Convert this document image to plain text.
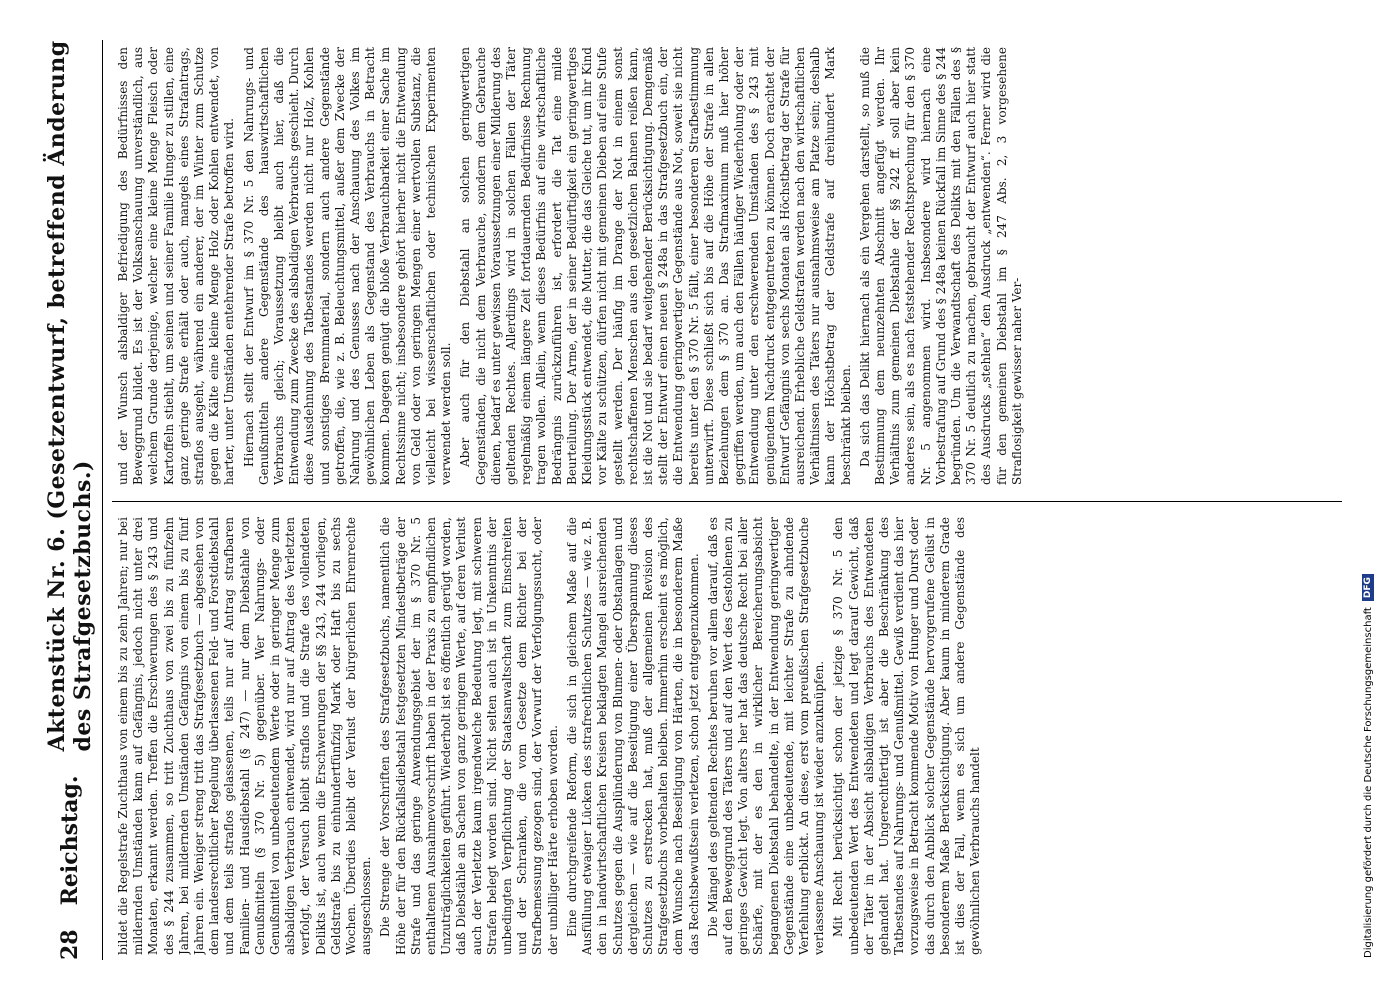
28
Reichstag.
Aktenstück Nr. 6. (Gesetzentwurf, betreffend Änderung des Strafgesetzbuchs.) bildet die Regelstrafe Zuchthaus von einem bis zu zehn Jahren; nur bei mildernden Umständen kann auf Gefängnis, jedoch nicht unter drei Monaten, erkannt werden. Treffen die Erschwerungen des § 243 und des § 244 zusammen, so tritt Zuchthaus von zwei bis zu fünfzehn Jahren, bei mildernden Umständen Gefängnis von einem bis zu fünf Jahren ein. Weniger streng tritt das Strafgesetzbuch — abgesehen von dem landesrechtlicher Regelung überlassenen Feld- und Forstdiebstahl und dem teils straflos gelassenen, teils nur auf Antrag strafbaren Familien- und Hausdiebstahl (§ 247) — nur dem Diebstahle von Genußmitteln (§ 370 Nr. 5) gegenüber. Wer Nahrungs- oder Genußmittel von unbedeutendem Werte oder in geringer Menge zum alsbaldigen Verbrauch entwendet, wird nur auf Antrag des Verletzten verfolgt, der Versuch bleibt straflos und die Strafe des vollendeten Delikts ist, auch wenn die Erschwerungen der §§ 243, 244 vorliegen, Geldstrafe bis zu einhundertfünfzig Mark oder Haft bis zu sechs Wochen. Überdies bleibt der Verlust der bürgerlichen Ehrenrechte ausgeschlossen. Die Strenge der Vorschriften des Strafgesetzbuchs, namentlich die Höhe der für den Rückfallsdiebstahl festgesetzten Mindestbeträge der Strafe und das geringe Anwendungsgebiet der im § 370 Nr. 5 enthaltenen Ausnahmevorschrift haben in der Praxis zu empfindlichen Unzuträglichkeiten geführt. Wiederholt ist es öffentlich gerügt worden, daß Diebstähle an Sachen von ganz geringem Werte, auf deren Verlust auch der Verletzte kaum irgendwelche Bedeutung legt, mit schweren Strafen belegt worden sind. Nicht selten auch ist in Unkenntnis der unbedingten Verpflichtung der Staatsanwaltschaft zum Einschreiten und der Schranken, die vom Gesetze dem Richter bei der Strafbemessung gezogen sind, der Vorwurf der Verfolgungssucht, oder der unbilliger Härte erhoben worden. Eine durchgreifende Reform, die sich in gleichem Maße auf die Ausfüllung etwaiger Lücken des strafrechtlichen Schutzes — wie z. B. den in landwirtschaftlichen Kreisen beklagten Mangel ausreichenden Schutzes gegen die Ausplünderung von Blumen- oder Obstanlagen und dergleichen — wie auf die Beseitigung einer Überspannung dieses Schutzes zu erstrecken hat, muß der allgemeinen Revision des Strafgesetzbuchs vorbehalten bleiben. Immerhin erscheint es möglich, dem Wunsche nach Beseitigung von Härten, die in besonderem Maße das Rechtsbewußtsein verletzen, schon jetzt entgegenzukommen. Die Mängel des geltenden Rechtes beruhen vor allem darauf, daß es auf den Beweggrund des Täters und auf den Wert des Gestohlenen zu geringes Gewicht legt. Von alters her hat das deutsche Recht bei aller Schärfe, mit der es den in wirklicher Bereicherungsabsicht begangenen Diebstahl behandelte, in der Entwendung geringwertiger Gegenstände eine unbedeutende, mit leichter Strafe zu ahndende Verfehlung erblickt. An diese, erst vom preußischen Strafgesetzbuche verlassene Anschauung ist wieder anzuknüpfen. Mit Recht berücksichtigt schon der jetzige § 370 Nr. 5 den unbedeutenden Wert des Entwendeten und legt darauf Gewicht, daß der Täter in der Absicht alsbaldigen Verbrauchs des Entwendeten gehandelt hat. Ungerechtfertigt ist aber die Beschränkung des Tatbestandes auf Nahrungs- und Genußmittel. Gewiß verdient das hier vorzugsweise in Betracht kommende Motiv von Hunger und Durst oder das durch den Anblick solcher Gegenstände hervorgerufene Gelüst in besonderem Maße Berücksichtigung. Aber kaum in minderem Grade ist dies der Fall, wenn es sich um andere Gegenstände des gewöhnlichen Verbrauchs handelt

und der Wunsch alsbaldiger Befriedigung des Bedürfnisses den Beweggrund bildet. Es ist der Volksanschauung unverständlich, aus welchem Grunde derjenige, welcher eine kleine Menge Fleisch oder Kartoffeln stiehlt, um seinen und seiner Familie Hunger zu stillen, eine ganz geringe Strafe erhält oder auch, mangels eines Strafantrags, straflos ausgeht, während ein anderer, der im Winter zum Schutze gegen die Kälte eine kleine Menge Holz oder Kohlen entwendet, von harter, unter Umständen entehrender Strafe betroffen wird. Hiernach stellt der Entwurf im § 370 Nr. 5 den Nahrungs- und Genußmitteln andere Gegenstände des hauswirtschaftlichen Verbrauchs gleich; Voraussetzung bleibt auch hier, daß die Entwendung zum Zwecke des alsbaldigen Verbrauchs geschieht. Durch diese Ausdehnung des Tatbestandes werden nicht nur Holz, Kohlen und sonstiges Brennmaterial, sondern auch andere Gegenstände getroffen, die, wie z. B. Beleuchtungsmittel, außer dem Zwecke der Nahrung und des Genusses nach der Anschauung des Volkes im gewöhnlichen Leben als Gegenstand des Verbrauchs in Betracht kommen. Dagegen genügt die bloße Verbrauchbarkeit einer Sache im Rechtssinne nicht; insbesondere gehört hierher nicht die Entwendung von Geld oder von geringen Mengen einer wertvollen Substanz, die vielleicht bei wissenschaftlichen oder technischen Experimenten verwendet werden soll. Aber auch für den Diebstahl an solchen geringwertigen Gegenständen, die nicht dem Verbrauche, sondern dem Gebrauche dienen, bedarf es unter gewissen Voraussetzungen einer Milderung des geltenden Rechtes. Allerdings wird in solchen Fällen der Täter regelmäßig einem längere Zeit fortdauernden Bedürfnisse Rechnung tragen wollen. Allein, wenn dieses Bedürfnis auf eine wirtschaftliche Bedrängnis zurückzuführen ist, erfordert die Tat eine milde Beurteilung. Der Arme, der in seiner Bedürftigkeit ein geringwertiges Kleidungsstück entwendet, die Mutter, die das Gleiche tut, um ihr Kind vor Kälte zu schützen, dürfen nicht mit gemeinen Dieben auf eine Stufe gestellt werden. Der häufig im Drange der Not in einem sonst rechtschaffenen Menschen aus den gesetzlichen Bahnen reißen kann, ist die Not und sie bedarf weitgehender Berücksichtigung. Demgemäß stellt der Entwurf einen neuen § 248a in das Strafgesetzbuch ein, der die Entwendung geringwertiger Gegenstände aus Not, soweit sie nicht bereits unter den § 370 Nr. 5 fällt, einer besonderen Strafbestimmung unterwirft. Diese schließt sich bis auf die Höhe der Strafe in allen Beziehungen dem § 370 an. Das Strafmaximum muß hier höher gegriffen werden, um auch den Fällen häufiger Wiederholung oder der Entwendung unter den erschwerenden Umständen des § 243 mit genügendem Nachdruck entgegentreten zu können. Doch erachtet der Entwurf Gefängnis von sechs Monaten als Höchstbetrag der Strafe für ausreichend. Erhebliche Geldstrafen werden nach den wirtschaftlichen Verhältnissen des Täters nur ausnahmsweise am Platze sein; deshalb kann der Höchstbetrag der Geldstrafe auf dreihundert Mark beschränkt bleiben. Da sich das Delikt hiernach als ein Vergehen darstellt, so muß die Bestimmung dem neunzehnten Abschnitt angefügt werden. Ihr Verhältnis zum gemeinen Diebstahle der §§ 242 ff. soll aber kein anderes sein, als es nach feststehender Rechtsprechung für den § 370 Nr. 5 angenommen wird. Insbesondere wird hiernach eine Vorbestrafung auf Grund des § 248a keinen Rückfall im Sinne des § 244 begründen. Um die Verwandtschaft des Delikts mit den Fällen des § 370 Nr. 5 deutlich zu machen, gebraucht der Entwurf auch hier statt des Ausdrucks „stehlen“ den Ausdruck „entwenden“. Ferner wird die für den gemeinen Diebstahl im § 247 Abs. 2, 3 vorgesehene Straflosigkeit gewisser naher Ver-

Digitalisierung gefördert durch die Deutsche Forschungsgemeinschaft
DFG
